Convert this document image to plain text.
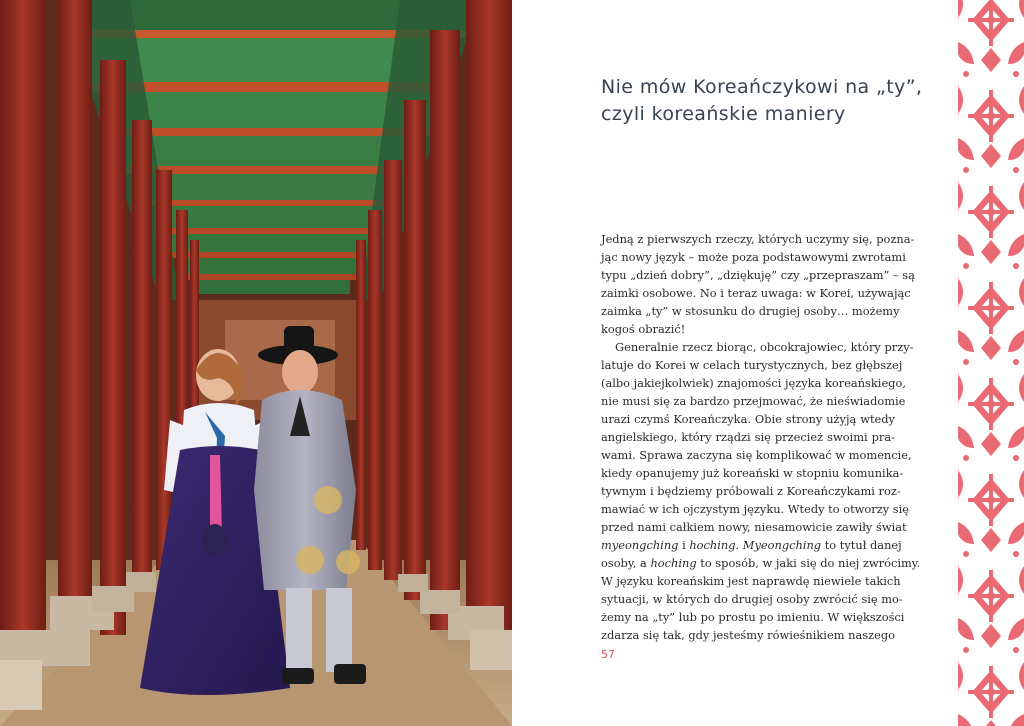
Nie mów Koreańczykowi na „ty”,
czyli koreańskie maniery
Jedną z pierwszych rzeczy, których uczymy się, pozna-
jąc nowy język – może poza podstawowymi zwrotami
typu „dzień dobry”, „dziękuję” czy „przepraszam” – są
zaimki osobowe. No i teraz uwaga: w Korei, używając
zaimka „ty” w stosunku do drugiej osoby… możemy
kogoś obrazić!
Generalnie rzecz biorąc, obcokrajowiec, który przy-
latuje do Korei w celach turystycznych, bez głębszej
(albo jakiejkolwiek) znajomości języka koreańskiego,
nie musi się za bardzo przejmować, że nieświadomie
urazi czymś Koreańczyka. Obie strony użyją wtedy
angielskiego, który rządzi się przecież swoimi pra-
wami. Sprawa zaczyna się komplikować w momencie,
kiedy opanujemy już koreański w stopniu komunika-
tywnym i będziemy próbowali z Koreańczykami roz-
mawiać w ich ojczystym języku. Wtedy to otworzy się
przed nami całkiem nowy, niesamowicie zawiły świat
myeongching i hoching. Myeongching to tytuł danej
osoby, a hoching to sposób, w jaki się do niej zwrócimy.
W języku koreańskim jest naprawdę niewiele takich
sytuacji, w których do drugiej osoby zwrócić się mo-
żemy na „ty” lub po prostu po imieniu. W większości
zdarza się tak, gdy jesteśmy rówieśnikiem naszego
57
